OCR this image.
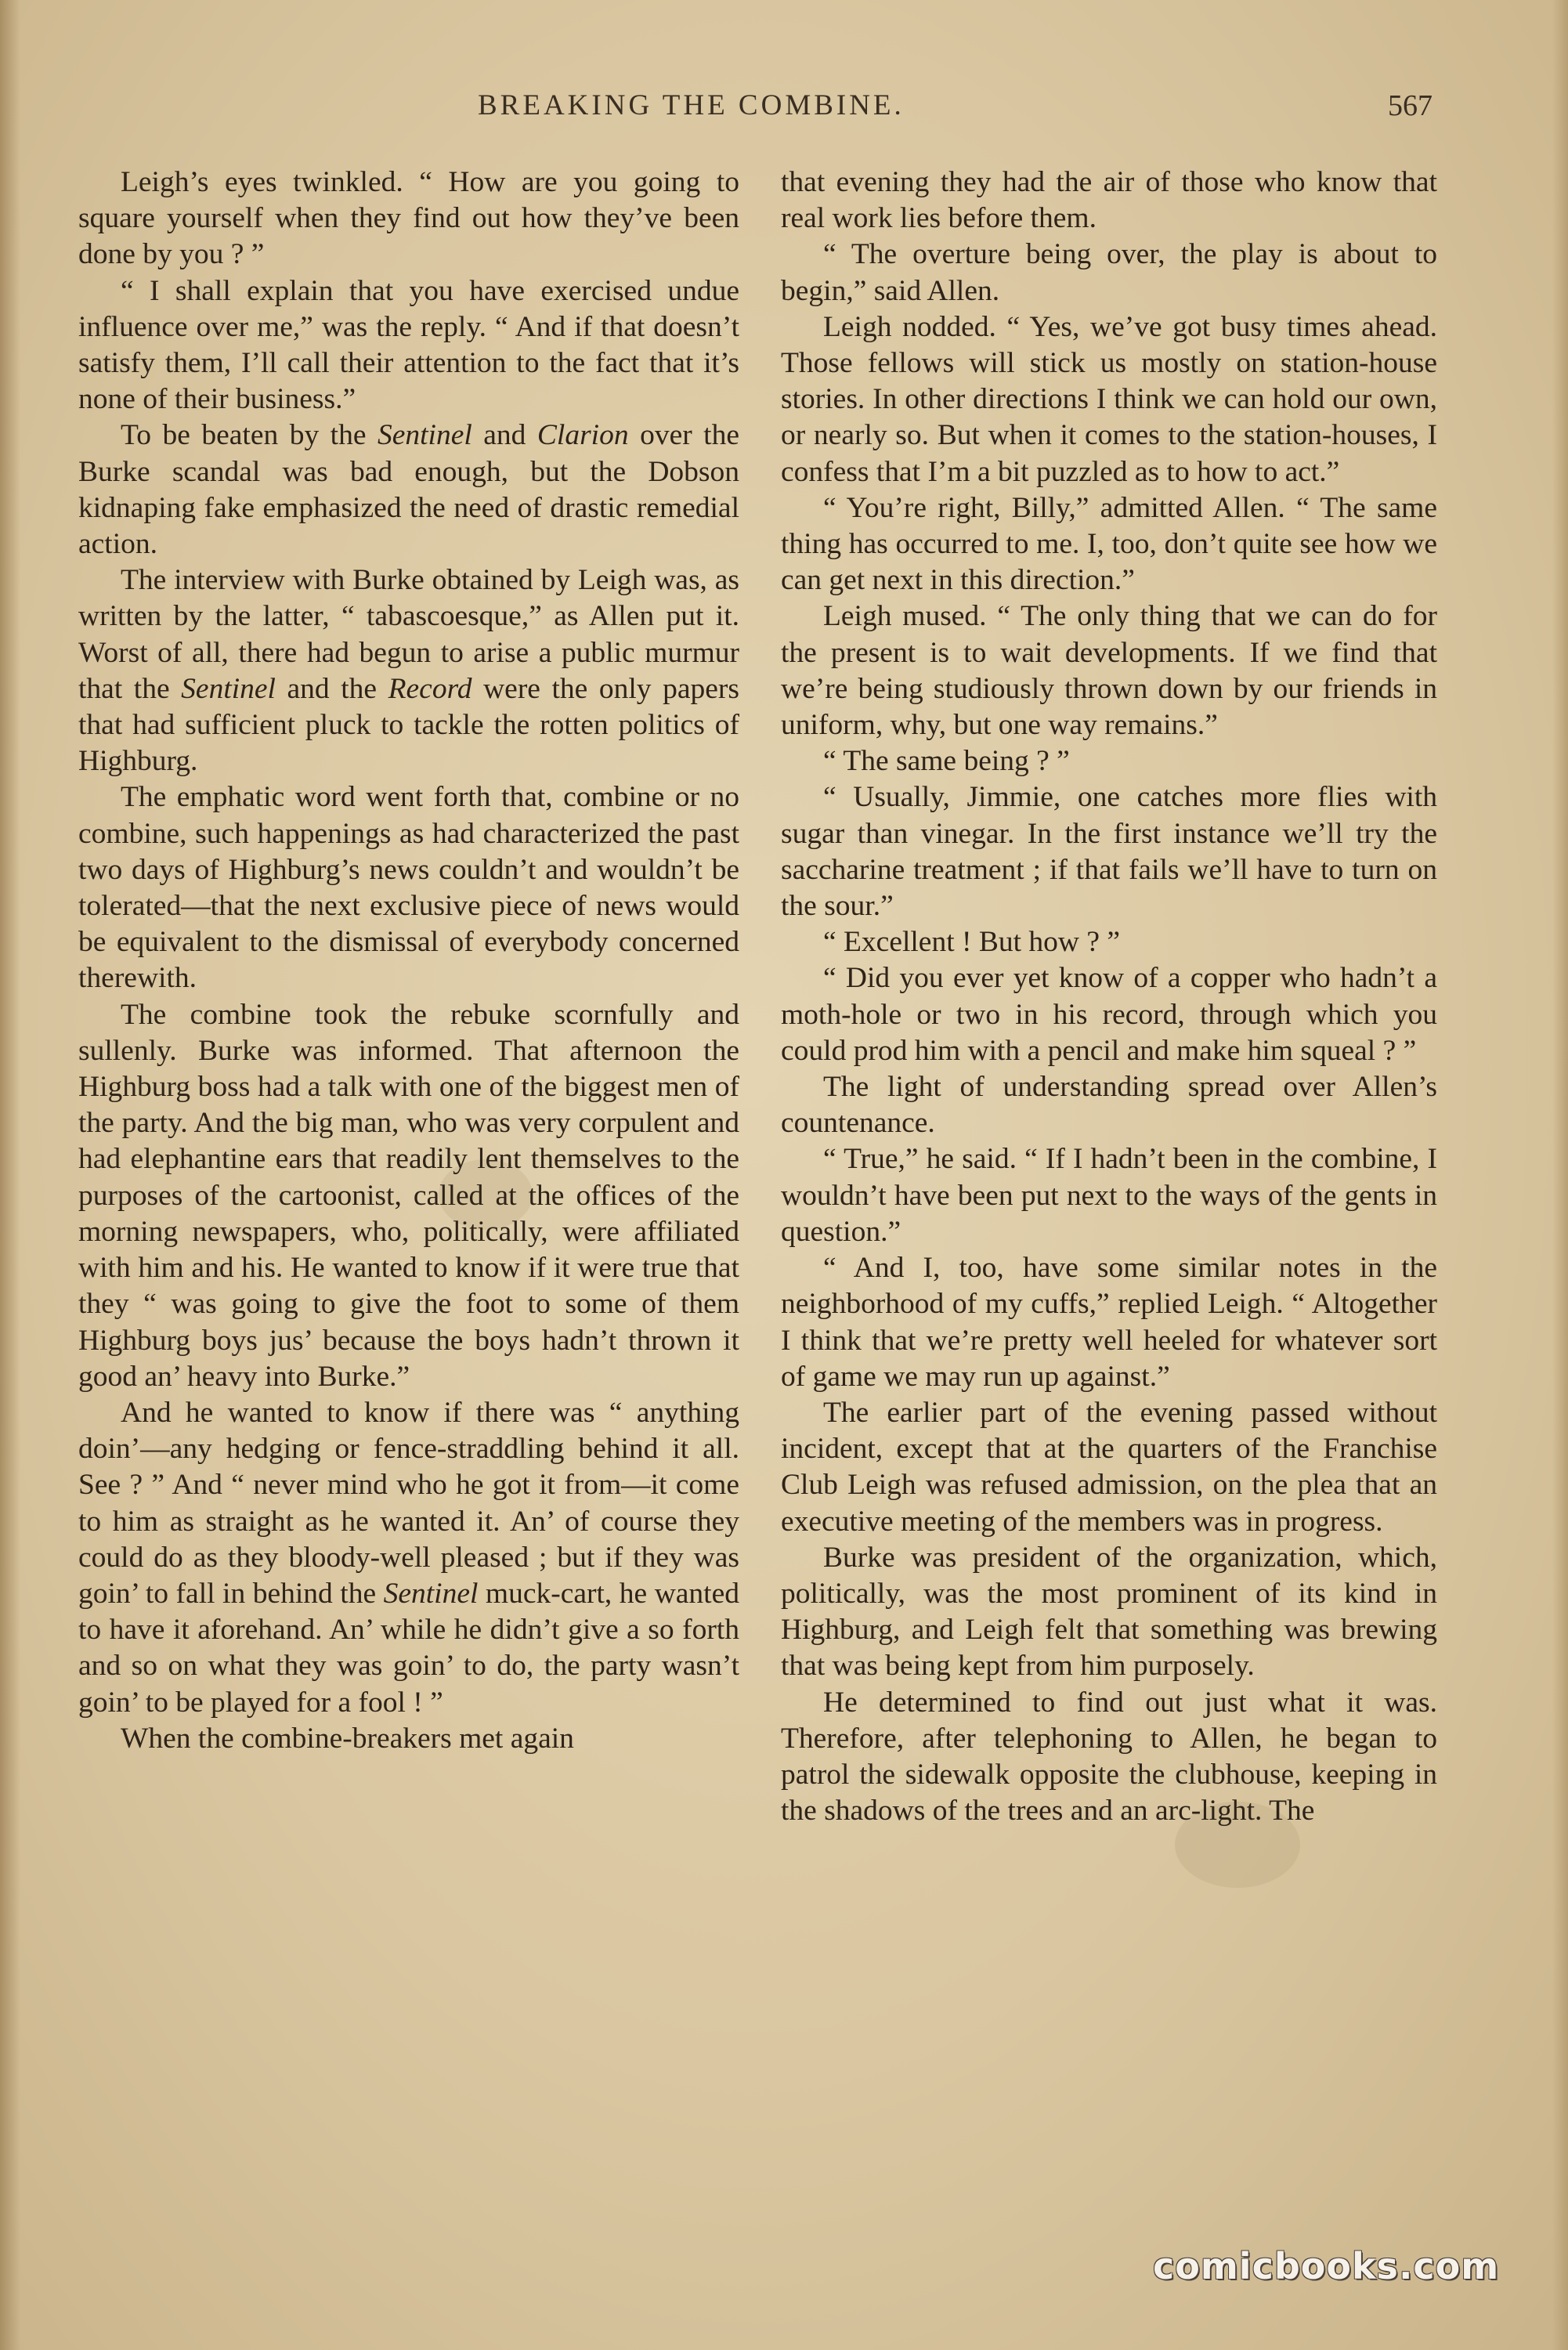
BREAKING THE COMBINE.	567

Leigh’s eyes twinkled. “ How are you going to square yourself when they find out how they’ve been done by you ? ”

“ I shall explain that you have exercised undue influence over me,” was the reply. “ And if that doesn’t satisfy them, I’ll call their attention to the fact that it’s none of their business.”

To be beaten by the Sentinel and Clarion over the Burke scandal was bad enough, but the Dobson kidnaping fake emphasized the need of drastic remedial action.

The interview with Burke obtained by Leigh was, as written by the latter, “ tabascoesque,” as Allen put it. Worst of all, there had begun to arise a public murmur that the Sentinel and the Record were the only papers that had sufficient pluck to tackle the rotten politics of Highburg.

The emphatic word went forth that, combine or no combine, such happenings as had characterized the past two days of Highburg’s news couldn’t and wouldn’t be tolerated—that the next exclusive piece of news would be equivalent to the dismissal of everybody concerned therewith.

The combine took the rebuke scornfully and sullenly. Burke was informed. That afternoon the Highburg boss had a talk with one of the biggest men of the party. And the big man, who was very corpulent and had elephantine ears that readily lent themselves to the purposes of the cartoonist, called at the offices of the morning newspapers, who, politically, were affiliated with him and his. He wanted to know if it were true that they “ was going to give the foot to some of them Highburg boys jus’ because the boys hadn’t thrown it good an’ heavy into Burke.”

And he wanted to know if there was “ anything doin’—any hedging or fence-straddling behind it all. See ? ” And “ never mind who he got it from—it come to him as straight as he wanted it. An’ of course they could do as they bloody-well pleased ; but if they was goin’ to fall in behind the Sentinel muck-cart, he wanted to have it aforehand. An’ while he didn’t give a so forth and so on what they was goin’ to do, the party wasn’t goin’ to be played for a fool ! ”

When the combine-breakers met again

that evening they had the air of those who know that real work lies before them.

“ The overture being over, the play is about to begin,” said Allen.

Leigh nodded. “ Yes, we’ve got busy times ahead. Those fellows will stick us mostly on station-house stories. In other directions I think we can hold our own, or nearly so. But when it comes to the station-houses, I confess that I’m a bit puzzled as to how to act.”

“ You’re right, Billy,” admitted Allen. “ The same thing has occurred to me. I, too, don’t quite see how we can get next in this direction.”

Leigh mused. “ The only thing that we can do for the present is to wait developments. If we find that we’re being studiously thrown down by our friends in uniform, why, but one way remains.”

“ The same being ? ”

“ Usually, Jimmie, one catches more flies with sugar than vinegar. In the first instance we’ll try the saccharine treatment ; if that fails we’ll have to turn on the sour.”

“ Excellent ! But how ? ”

“ Did you ever yet know of a copper who hadn’t a moth-hole or two in his record, through which you could prod him with a pencil and make him squeal ? ”

The light of understanding spread over Allen’s countenance.

“ True,” he said. “ If I hadn’t been in the combine, I wouldn’t have been put next to the ways of the gents in question.”

“ And I, too, have some similar notes in the neighborhood of my cuffs,” replied Leigh. “ Altogether I think that we’re pretty well heeled for whatever sort of game we may run up against.”

The earlier part of the evening passed without incident, except that at the quarters of the Franchise Club Leigh was refused admission, on the plea that an executive meeting of the members was in progress.

Burke was president of the organization, which, politically, was the most prominent of its kind in Highburg, and Leigh felt that something was brewing that was being kept from him purposely.

He determined to find out just what it was. Therefore, after telephoning to Allen, he began to patrol the sidewalk opposite the clubhouse, keeping in the shadows of the trees and an arc-light. The

comicbooks.com
